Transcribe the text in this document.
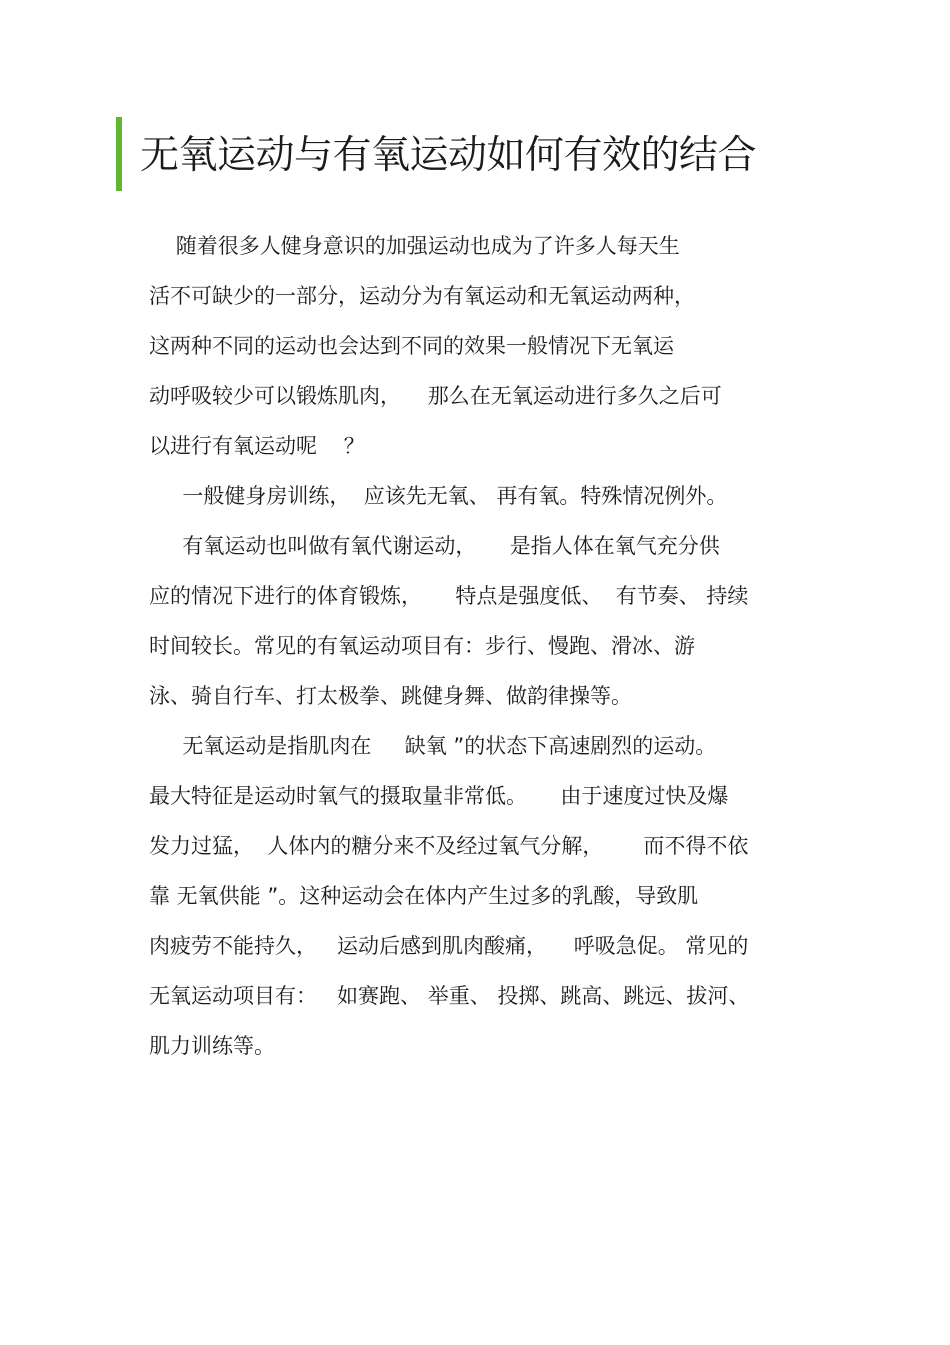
无氧运动与有氧运动如何有效的结合

随着很多人健身意识的加强运动也成为了许多人每天生

活不可缺少的一部分，运动分为有氧运动和无氧运动两种，

这两种不同的运动也会达到不同的效果一般情况下无氧运

动呼吸较少可以锻炼肌肉，    那么在无氧运动进行多久之后可

以进行有氧运动呢    ？

一般健身房训练，  应该先无氧、 再有氧。特殊情况例外。

有氧运动也叫做有氧代谢运动，     是指人体在氧气充分供

应的情况下进行的体育锻炼，     特点是强度低、  有节奏、 持续

时间较长。常见的有氧运动项目有：步行、慢跑、滑冰、游

泳、骑自行车、打太极拳、跳健身舞、做韵律操等。

无氧运动是指肌肉在     缺氧 ”的状态下高速剧烈的运动。

最大特征是运动时氧气的摄取量非常低。     由于速度过快及爆

发力过猛，  人体内的糖分来不及经过氧气分解，      而不得不依

靠 无氧供能 ”。这种运动会在体内产生过多的乳酸，导致肌

肉疲劳不能持久，   运动后感到肌肉酸痛，    呼吸急促。 常见的

无氧运动项目有：   如赛跑、 举重、 投掷、跳高、跳远、拔河、

肌力训练等。
